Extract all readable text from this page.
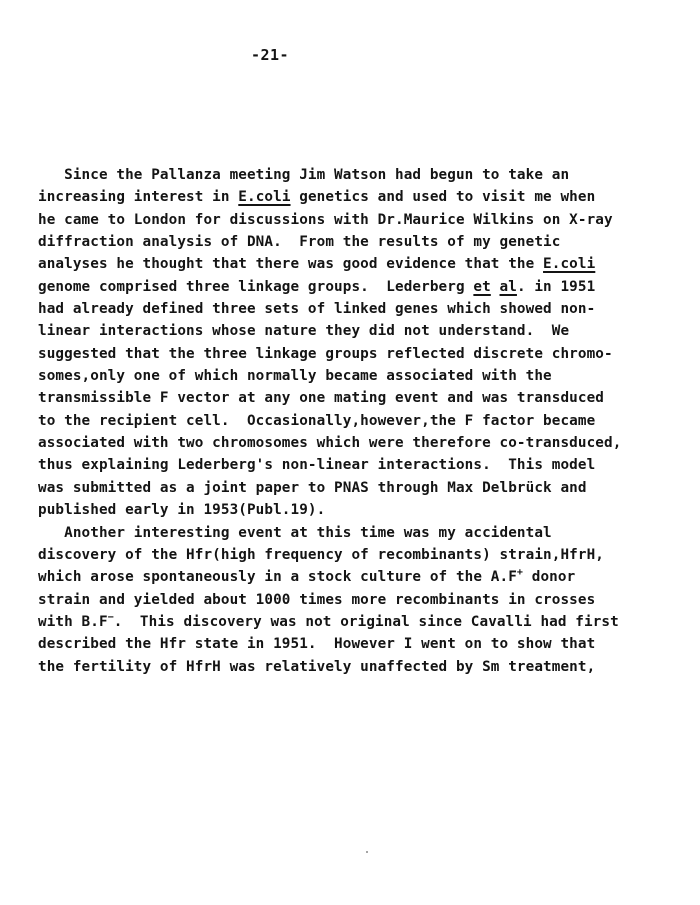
-21-
Since the Pallanza meeting Jim Watson had begun to take an
increasing interest in E.coli genetics and used to visit me when
he came to London for discussions with Dr.Maurice Wilkins on X-ray
diffraction analysis of DNA.  From the results of my genetic
analyses he thought that there was good evidence that the E.coli
genome comprised three linkage groups.  Lederberg et al. in 1951
had already defined three sets of linked genes which showed non-
linear interactions whose nature they did not understand.  We
suggested that the three linkage groups reflected discrete chromo-
somes,only one of which normally became associated with the
transmissible F vector at any one mating event and was transduced
to the recipient cell.  Occasionally,however,the F factor became
associated with two chromosomes which were therefore co-transduced,
thus explaining Lederberg's non-linear interactions.  This model
was submitted as a joint paper to PNAS through Max Delbrück and
published early in 1953(Publ.19).
Another interesting event at this time was my accidental
discovery of the Hfr(high frequency of recombinants) strain,HfrH,
which arose spontaneously in a stock culture of the A.F+ donor
strain and yielded about 1000 times more recombinants in crosses
with B.F−.  This discovery was not original since Cavalli had first
described the Hfr state in 1951.  However I went on to show that
the fertility of HfrH was relatively unaffected by Sm treatment,
